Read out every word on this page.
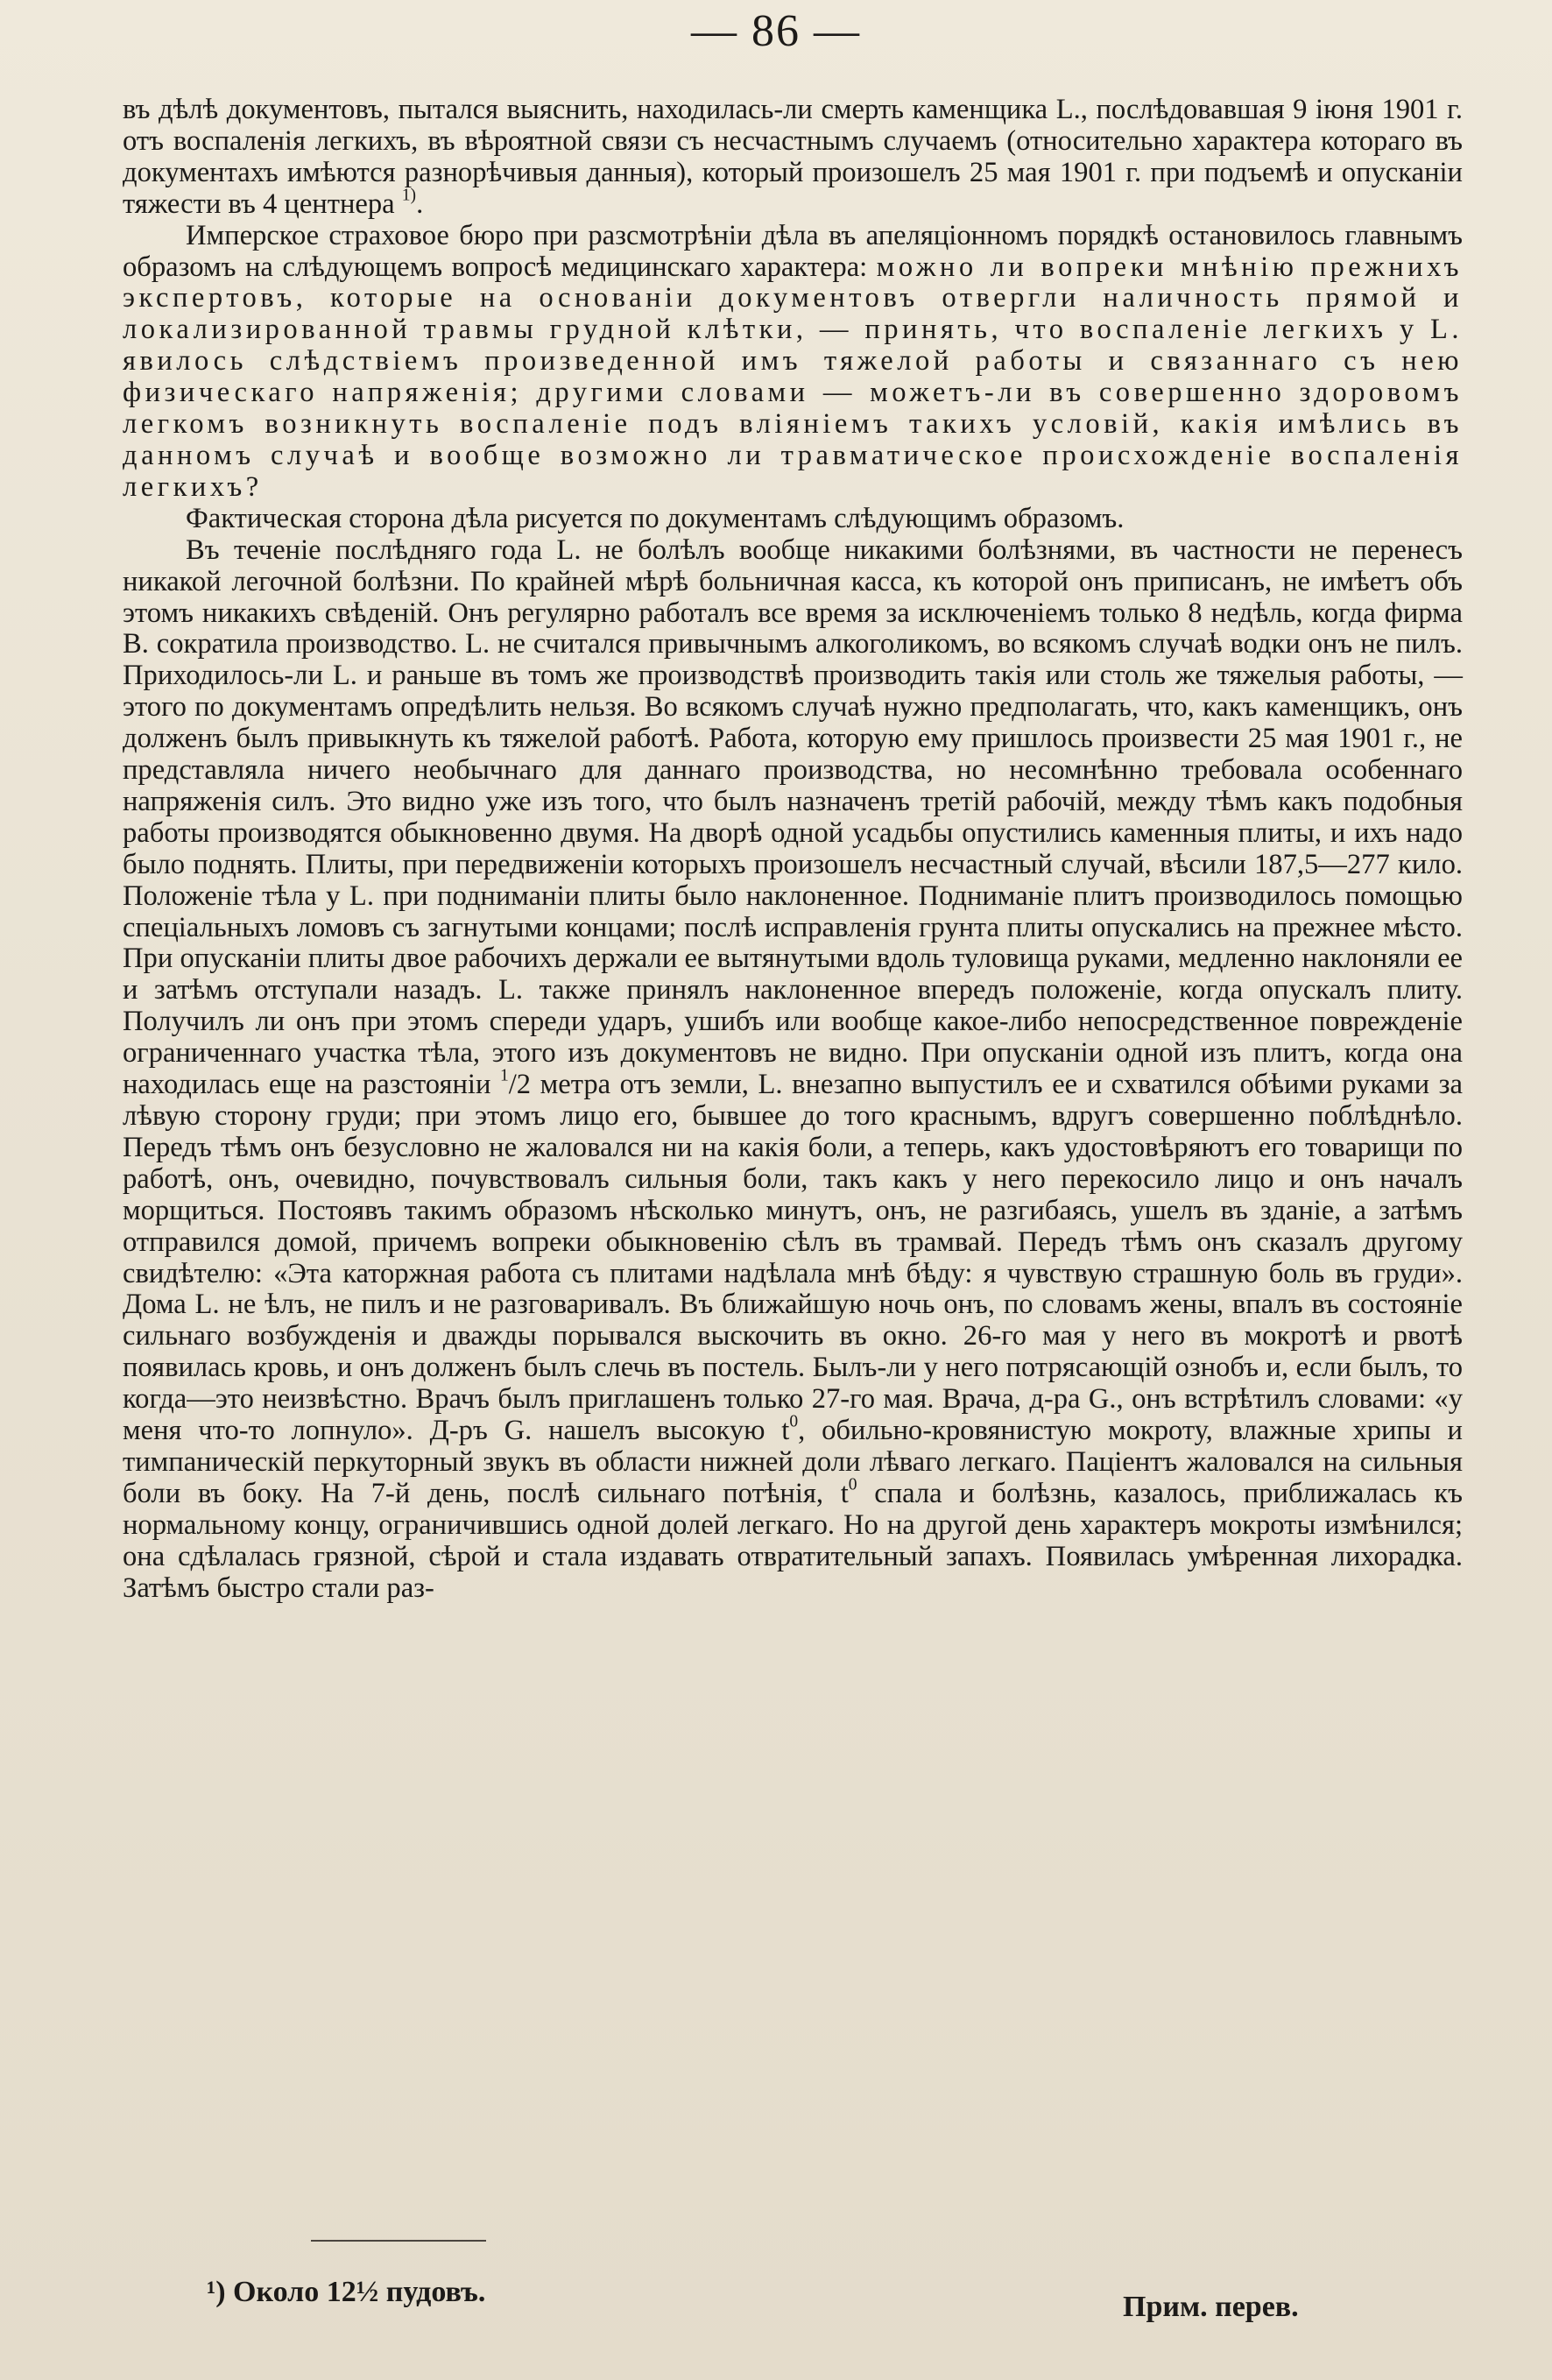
— 86 —

въ дѣлѣ документовъ, пытался выяснить, находилась-ли смерть каменщика L., послѣдовавшая 9 іюня 1901 г. отъ воспаленія легкихъ, въ вѣроятной связи съ несчастнымъ случаемъ (относительно характера котораго въ документахъ имѣются разнорѣчивыя данныя), который произошелъ 25 мая 1901 г. при подъемѣ и опусканіи тяжести въ 4 центнера $^{1)}$.

Имперское страховое бюро при разсмотрѣніи дѣла въ апеляціонномъ порядкѣ остановилось главнымъ образомъ на слѣдующемъ вопросѣ медицинскаго характера: можно ли вопреки мнѣнію прежнихъ экспертовъ, которые на основаніи документовъ отвергли наличность прямой и локализированной травмы грудной клѣтки, — принять, что воспаленіе легкихъ у L. явилось слѣдствіемъ произведенной имъ тяжелой работы и связаннаго съ нею физическаго напряженія; другими словами — можетъ-ли въ совершенно здоровомъ легкомъ возникнуть воспаленіе подъ вліяніемъ такихъ условій, какія имѣлись въ данномъ случаѣ и вообще возможно ли травматическое происхожденіе воспаленія легкихъ?

Фактическая сторона дѣла рисуется по документамъ слѣдующимъ образомъ.

Въ теченіе послѣдняго года L. не болѣлъ вообще никакими болѣзнями, въ частности не перенесъ никакой легочной болѣзни. По крайней мѣрѣ больничная касса, къ которой онъ приписанъ, не имѣетъ объ этомъ никакихъ свѣденій. Онъ регулярно работалъ все время за исключеніемъ только 8 недѣль, когда фирма В. сократила производство. L. не считался привычнымъ алкоголикомъ, во всякомъ случаѣ водки онъ не пилъ. Приходилось-ли L. и раньше въ томъ же производствѣ производить такія или столь же тяжелыя работы, — этого по документамъ опредѣлить нельзя. Во всякомъ случаѣ нужно предполагать, что, какъ каменщикъ, онъ долженъ былъ привыкнуть къ тяжелой работѣ. Работа, которую ему пришлось произвести 25 мая 1901 г., не представляла ничего необычнаго для даннаго производства, но несомнѣнно требовала особеннаго напряженія силъ. Это видно уже изъ того, что былъ назначенъ третій рабочій, между тѣмъ какъ подобныя работы производятся обыкновенно двумя. На дворѣ одной усадьбы опустились каменныя плиты, и ихъ надо было поднять. Плиты, при передвиженіи которыхъ произошелъ несчастный случай, вѣсили 187,5—277 кило. Положеніе тѣла у L. при подниманіи плиты было наклоненное. Подниманіе плитъ производилось помощью спеціальныхъ ломовъ съ загнутыми концами; послѣ исправленія грунта плиты опускались на прежнее мѣсто. При опусканіи плиты двое рабочихъ держали ее вытянутыми вдоль туловища руками, медленно наклоняли ее и затѣмъ отступали назадъ. L. также принялъ наклоненное впередъ положеніе, когда опускалъ плиту. Получилъ ли онъ при этомъ спереди ударъ, ушибъ или вообще какое-либо непосредственное поврежденіе ограниченнаго участка тѣла, этого изъ документовъ не видно. При опусканіи одной изъ плитъ, когда она находилась еще на разстояніи $^1$/2 метра отъ земли, L. внезапно выпустилъ ее и схватился обѣими руками за лѣвую сторону груди; при этомъ лицо его, бывшее до того краснымъ, вдругъ совершенно поблѣднѣло. Передъ тѣмъ онъ безусловно не жаловался ни на какія боли, а теперь, какъ удостовѣряютъ его товарищи по работѣ, онъ, очевидно, почувствовалъ сильныя боли, такъ какъ у него перекосило лицо и онъ началъ морщиться. Постоявъ такимъ образомъ нѣсколько минутъ, онъ, не разгибаясь, ушелъ въ зданіе, а затѣмъ отправился домой, причемъ вопреки обыкновенію сѣлъ въ трамвай. Передъ тѣмъ онъ сказалъ другому свидѣтелю: «Эта каторжная работа съ плитами надѣлала мнѣ бѣду: я чувствую страшную боль въ груди». Дома L. не ѣлъ, не пилъ и не разговаривалъ. Въ ближайшую ночь онъ, по словамъ жены, впалъ въ состояніе сильнаго возбужденія и дважды порывался выскочить въ окно. 26-го мая у него въ мокротѣ и рвотѣ появилась кровь, и онъ долженъ былъ слечь въ постель. Былъ-ли у него потрясающій ознобъ и, если былъ, то когда—это неизвѣстно. Врачъ былъ приглашенъ только 27-го мая. Врача, д-ра G., онъ встрѣтилъ словами: «у меня что-то лопнуло». Д-ръ G. нашелъ высокую $t^0$, обильно-кровянистую мокроту, влажные хрипы и тимпаническій перкуторный звукъ въ области нижней доли лѣваго легкаго. Паціентъ жаловался на сильныя боли въ боку. На 7-й день, послѣ сильнаго потѣнія, $t^0$ спала и болѣзнь, казалось, приближалась къ нормальному концу, ограничившись одной долей легкаго. Но на другой день характеръ мокроты измѣнился; она сдѣлалась грязной, сѣрой и стала издавать отвратительный запахъ. Появилась умѣренная лихорадка. Затѣмъ быстро стали раз-

¹) Около 12½ пудовъ.	Прим. перев.
